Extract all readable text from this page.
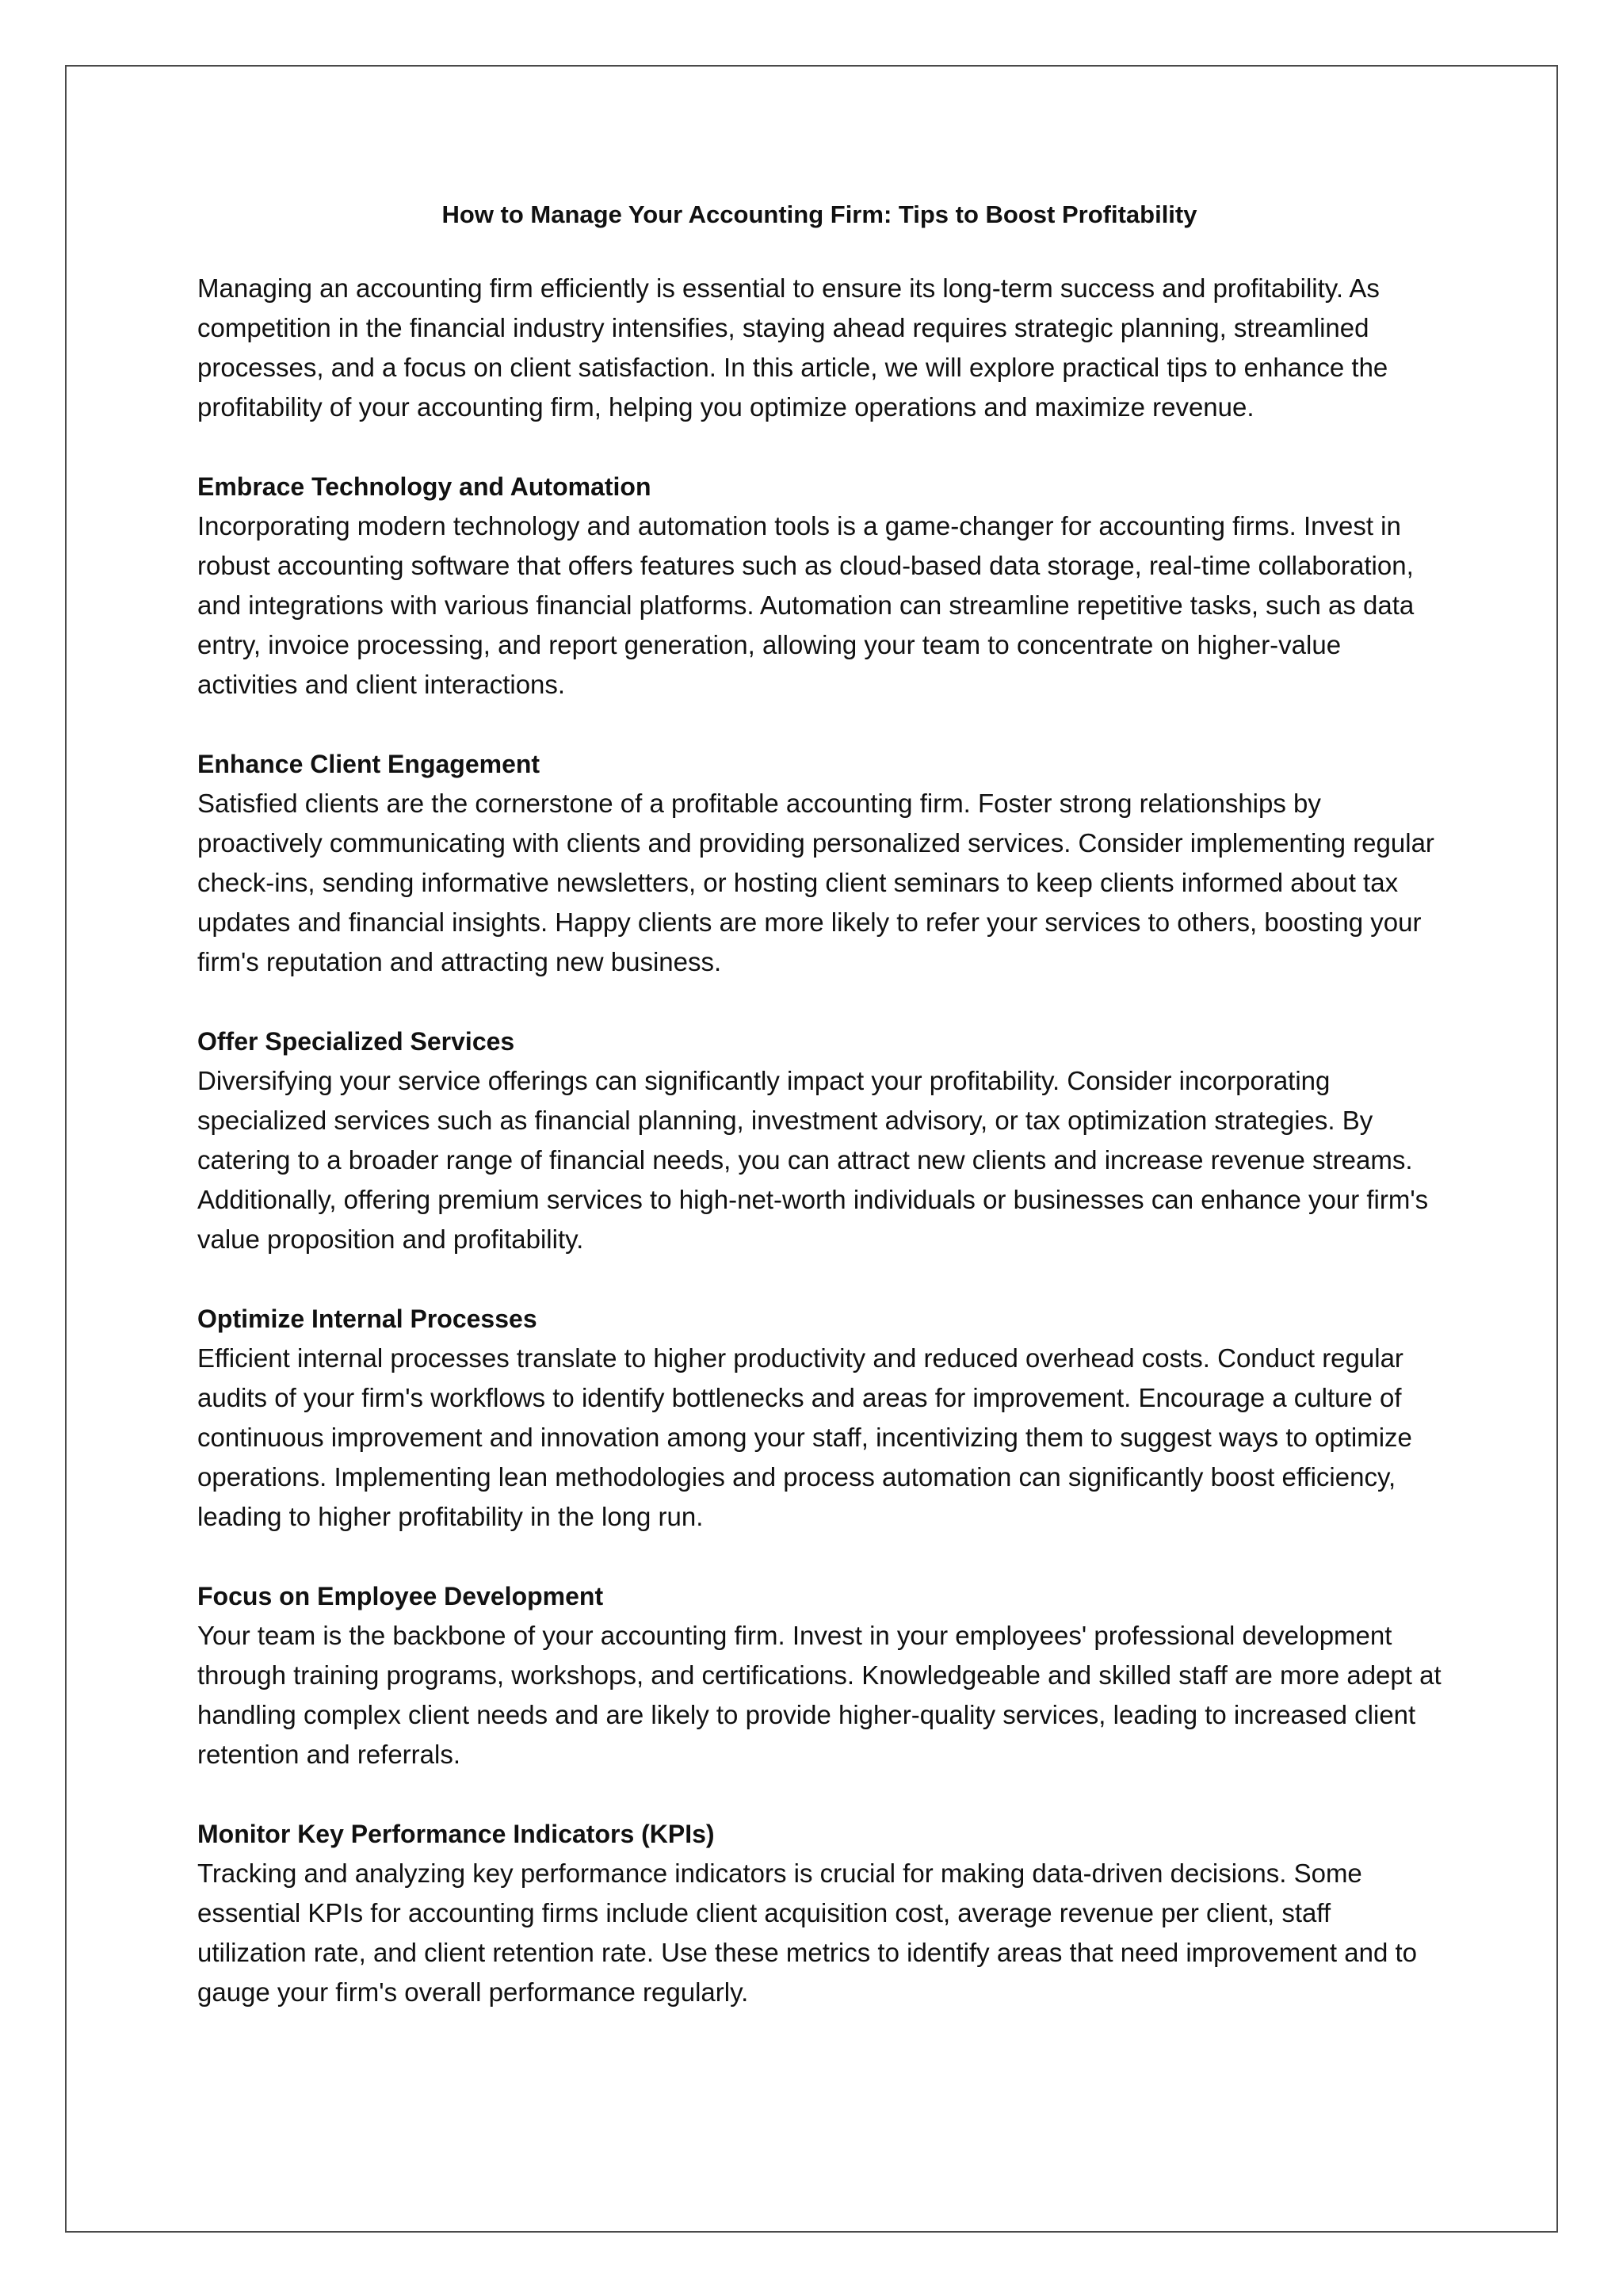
How to Manage Your Accounting Firm: Tips to Boost Profitability

Managing an accounting firm efficiently is essential to ensure its long-term success and profitability. As competition in the financial industry intensifies, staying ahead requires strategic planning, streamlined processes, and a focus on client satisfaction. In this article, we will explore practical tips to enhance the profitability of your accounting firm, helping you optimize operations and maximize revenue.

Embrace Technology and Automation

Incorporating modern technology and automation tools is a game-changer for accounting firms. Invest in robust accounting software that offers features such as cloud-based data storage, real-time collaboration, and integrations with various financial platforms. Automation can streamline repetitive tasks, such as data entry, invoice processing, and report generation, allowing your team to concentrate on higher-value activities and client interactions.

Enhance Client Engagement

Satisfied clients are the cornerstone of a profitable accounting firm. Foster strong relationships by proactively communicating with clients and providing personalized services. Consider implementing regular check-ins, sending informative newsletters, or hosting client seminars to keep clients informed about tax updates and financial insights. Happy clients are more likely to refer your services to others, boosting your firm's reputation and attracting new business.

Offer Specialized Services

Diversifying your service offerings can significantly impact your profitability. Consider incorporating specialized services such as financial planning, investment advisory, or tax optimization strategies. By catering to a broader range of financial needs, you can attract new clients and increase revenue streams. Additionally, offering premium services to high-net-worth individuals or businesses can enhance your firm's value proposition and profitability.

Optimize Internal Processes

Efficient internal processes translate to higher productivity and reduced overhead costs. Conduct regular audits of your firm's workflows to identify bottlenecks and areas for improvement. Encourage a culture of continuous improvement and innovation among your staff, incentivizing them to suggest ways to optimize operations. Implementing lean methodologies and process automation can significantly boost efficiency, leading to higher profitability in the long run.

Focus on Employee Development

Your team is the backbone of your accounting firm. Invest in your employees' professional development through training programs, workshops, and certifications. Knowledgeable and skilled staff are more adept at handling complex client needs and are likely to provide higher-quality services, leading to increased client retention and referrals.

Monitor Key Performance Indicators (KPIs)

Tracking and analyzing key performance indicators is crucial for making data-driven decisions. Some essential KPIs for accounting firms include client acquisition cost, average revenue per client, staff utilization rate, and client retention rate. Use these metrics to identify areas that need improvement and to gauge your firm's overall performance regularly.
